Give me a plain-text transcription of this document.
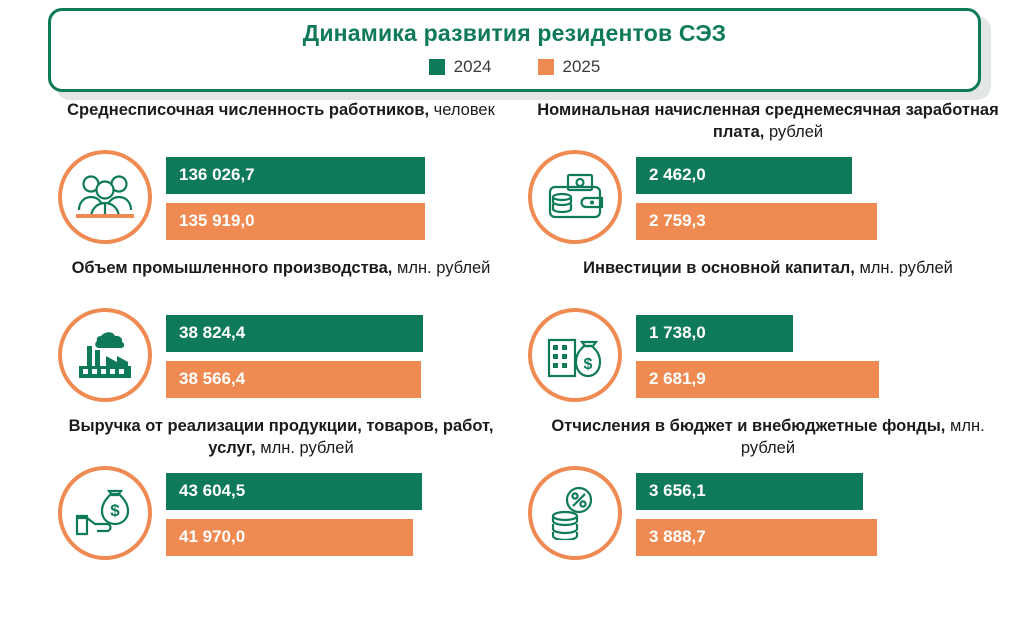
Динамика развития резидентов СЭЗ
2024	2025
Среднесписочная численность работников, человек
136 026,7
135 919,0
Номинальная начисленная среднемесячная заработная плата, рублей
2 462,0
2 759,3
Объем промышленного производства, млн. рублей
38 824,4
38 566,4
Инвестиции в основной капитал, млн. рублей
$
1 738,0
2 681,9
Выручка от реализации продукции, товаров, работ, услуг, млн. рублей
$
43 604,5
41 970,0
Отчисления в бюджет и внебюджетные фонды, млн. рублей
3 656,1
3 888,7
